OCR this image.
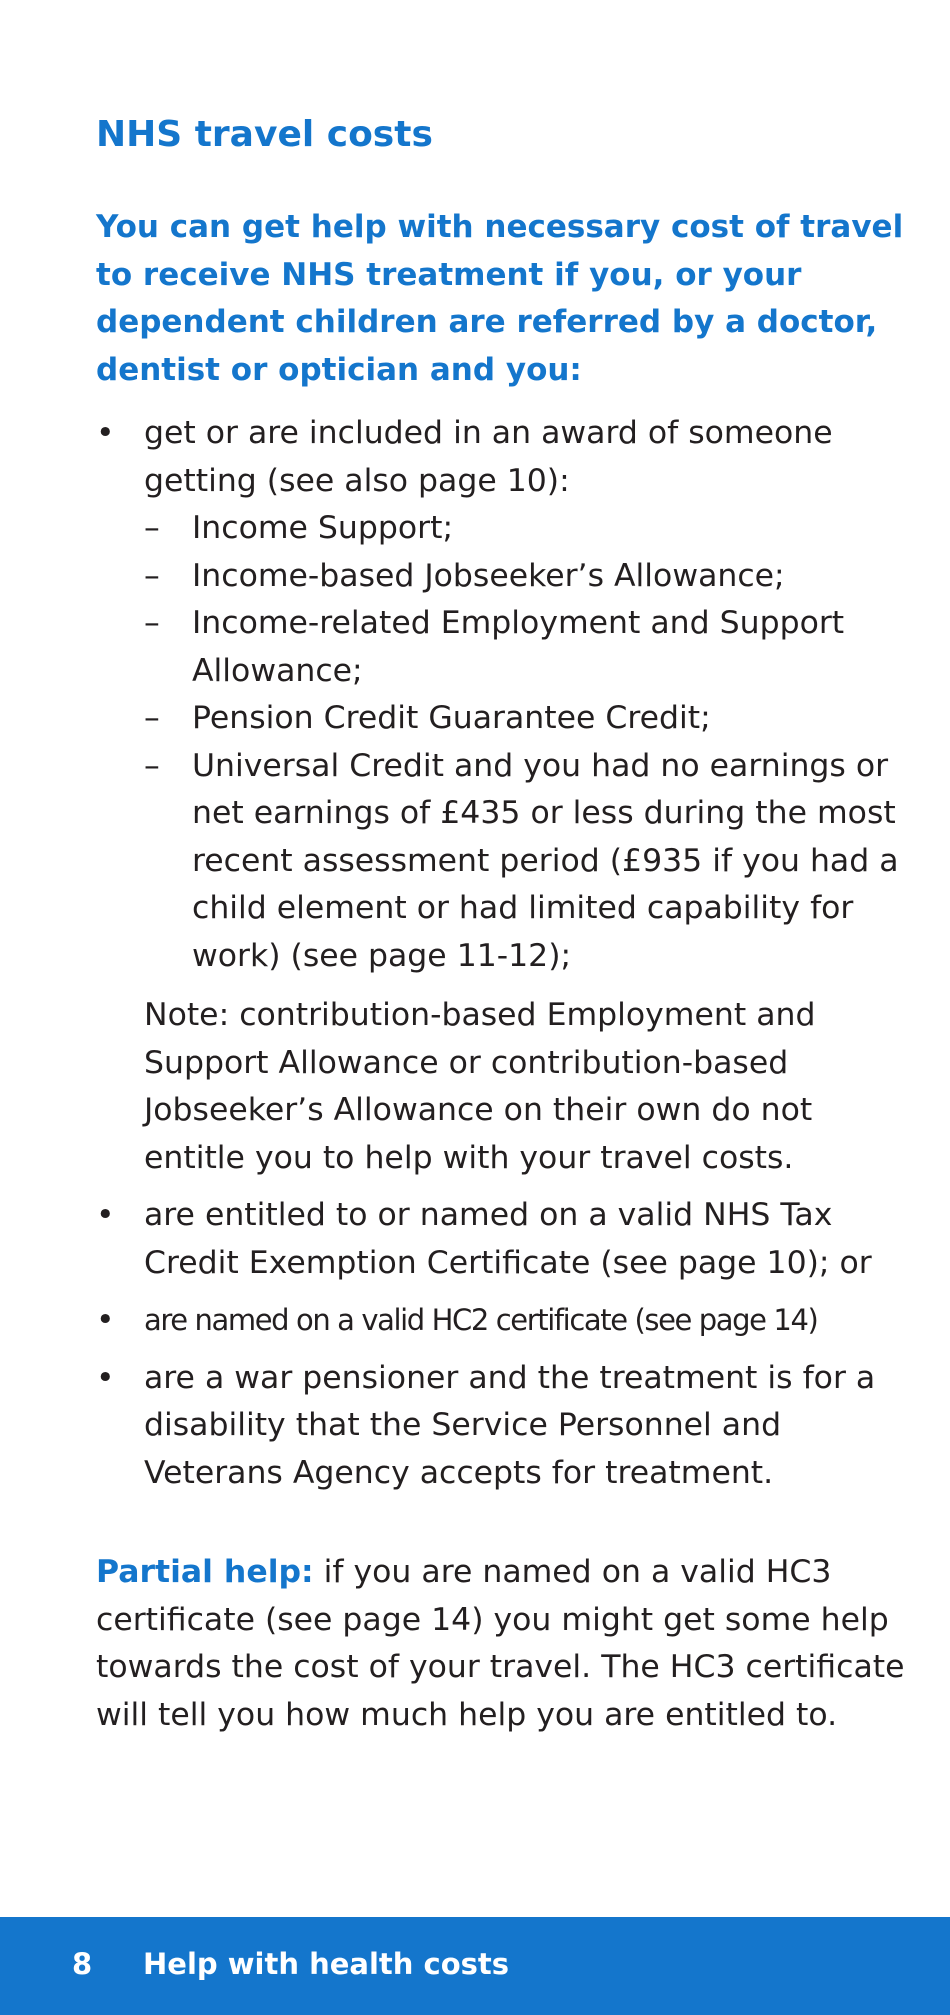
NHS travel costs

You can get help with necessary cost of travel to receive NHS treatment if you, or your dependent children are referred by a doctor, dentist or optician and you:

• get or are included in an award of someone getting (see also page 10):
– Income Support;
– Income-based Jobseeker’s Allowance;
– Income-related Employment and Support Allowance;
– Pension Credit Guarantee Credit;
– Universal Credit and you had no earnings or net earnings of £435 or less during the most recent assessment period (£935 if you had a child element or had limited capability for work) (see page 11-12);
Note: contribution-based Employment and Support Allowance or contribution-based Jobseeker’s Allowance on their own do not entitle you to help with your travel costs.
• are entitled to or named on a valid NHS Tax Credit Exemption Certificate (see page 10); or
• are named on a valid HC2 certificate (see page 14)
• are a war pensioner and the treatment is for a disability that the Service Personnel and Veterans Agency accepts for treatment.

Partial help: if you are named on a valid HC3 certificate (see page 14) you might get some help towards the cost of your travel. The HC3 certificate will tell you how much help you are entitled to.

8 Help with health costs
